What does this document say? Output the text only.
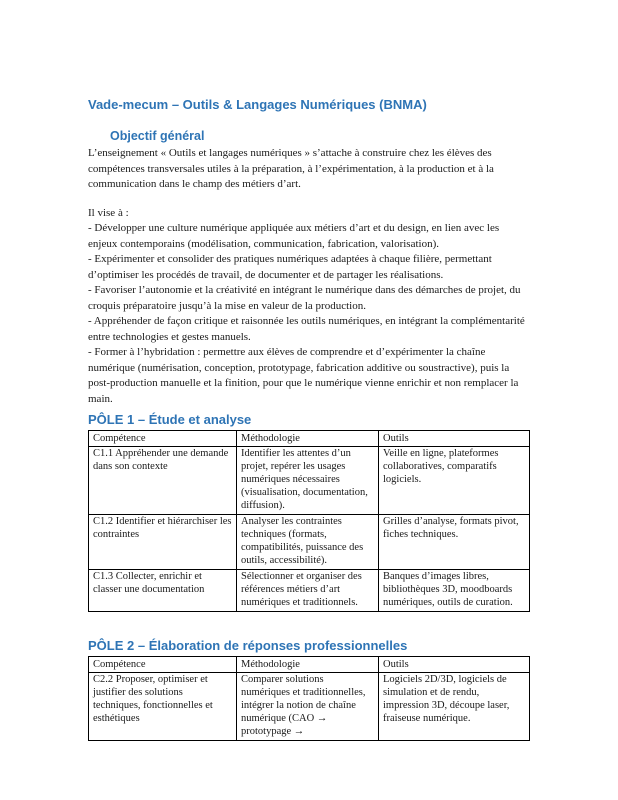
Vade-mecum – Outils & Langages Numériques (BNMA)
Objectif général

L’enseignement « Outils et langages numériques » s’attache à construire chez les élèves des compétences transversales utiles à la préparation, à l’expérimentation, à la production et à la communication dans le champ des métiers d’art.

Il vise à :

- Développer une culture numérique appliquée aux métiers d’art et du design, en lien avec les enjeux contemporains (modélisation, communication, fabrication, valorisation).
- Expérimenter et consolider des pratiques numériques adaptées à chaque filière, permettant d’optimiser les procédés de travail, de documenter et de partager les réalisations.
- Favoriser l’autonomie et la créativité en intégrant le numérique dans des démarches de projet, du croquis préparatoire jusqu’à la mise en valeur de la production.
- Appréhender de façon critique et raisonnée les outils numériques, en intégrant la complémentarité entre technologies et gestes manuels.
- Former à l’hybridation : permettre aux élèves de comprendre et d’expérimenter la chaîne numérique (numérisation, conception, prototypage, fabrication additive ou soustractive), puis la post-production manuelle et la finition, pour que le numérique vienne enrichir et non remplacer la main.
PÔLE 1 – Étude et analyse
Compétence	Méthodologie	Outils
C1.1 Appréhender une demande dans son contexte	Identifier les attentes d’un projet, repérer les usages numériques nécessaires (visualisation, documentation, diffusion).	Veille en ligne, plateformes collaboratives, comparatifs logiciels.
C1.2 Identifier et hiérarchiser les contraintes	Analyser les contraintes techniques (formats, compatibilités, puissance des outils, accessibilité).	Grilles d’analyse, formats pivot, fiches techniques.
C1.3 Collecter, enrichir et classer une documentation	Sélectionner et organiser des références métiers d’art numériques et traditionnels.	Banques d’images libres, bibliothèques 3D, moodboards numériques, outils de curation.
PÔLE 2 – Élaboration de réponses professionnelles
Compétence	Méthodologie	Outils
C2.2 Proposer, optimiser et justifier des solutions techniques, fonctionnelles et esthétiques	Comparer solutions numériques et traditionnelles, intégrer la notion de chaîne numérique (CAO → prototypage →	Logiciels 2D/3D, logiciels de simulation et de rendu, impression 3D, découpe laser, fraiseuse numérique.
